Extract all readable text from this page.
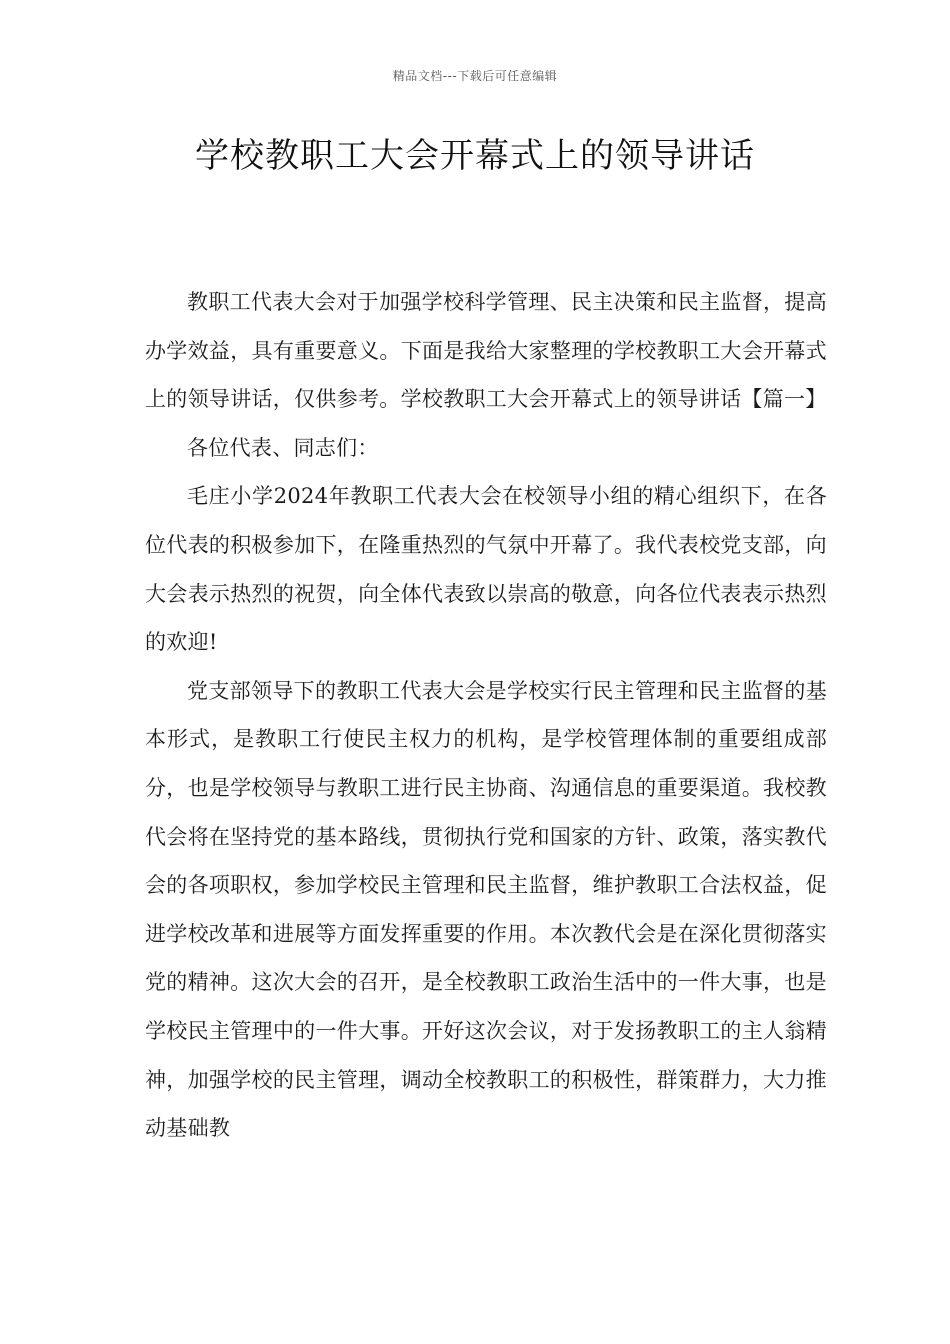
精品文档---下载后可任意编辑
学校教职工大会开幕式上的领导讲话

教职工代表大会对于加强学校科学管理、民主决策和民主监督，提高办学效益，具有重要意义。下面是我给大家整理的学校教职工大会开幕式上的领导讲话，仅供参考。学校教职工大会开幕式上的领导讲话【篇一】

各位代表、同志们：

毛庄小学2024年教职工代表大会在校领导小组的精心组织下，在各位代表的积极参加下，在隆重热烈的气氛中开幕了。我代表校党支部，向大会表示热烈的祝贺，向全体代表致以崇高的敬意，向各位代表表示热烈的欢迎!

党支部领导下的教职工代表大会是学校实行民主管理和民主监督的基本形式，是教职工行使民主权力的机构，是学校管理体制的重要组成部分，也是学校领导与教职工进行民主协商、沟通信息的重要渠道。我校教代会将在坚持党的基本路线，贯彻执行党和国家的方针、政策，落实教代会的各项职权，参加学校民主管理和民主监督，维护教职工合法权益，促进学校改革和进展等方面发挥重要的作用。本次教代会是在深化贯彻落实党的精神。这次大会的召开，是全校教职工政治生活中的一件大事，也是学校民主管理中的一件大事。开好这次会议，对于发扬教职工的主人翁精神，加强学校的民主管理，调动全校教职工的积极性，群策群力，大力推动基础教
